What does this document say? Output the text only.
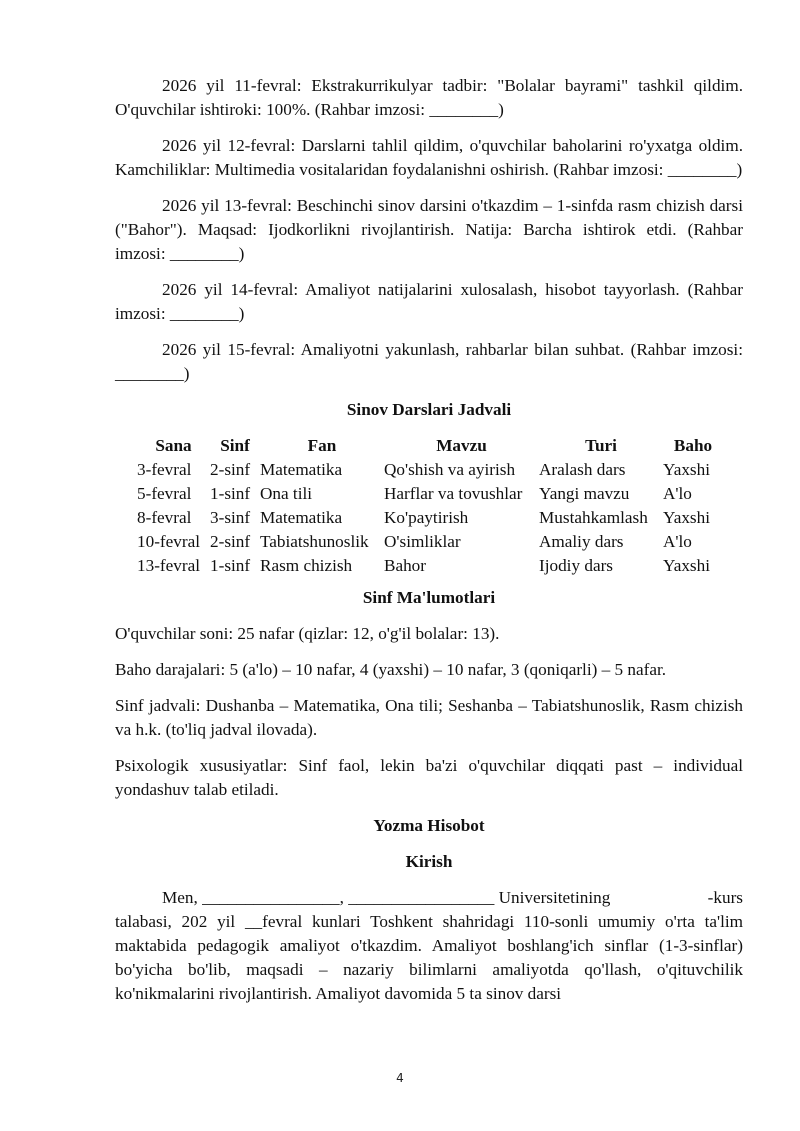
2026 yil 11-fevral: Ekstrakurrikulyar tadbir: "Bolalar bayrami" tashkil qildim. O'quvchilar ishtiroki: 100%. (Rahbar imzosi: ________)

2026 yil 12-fevral: Darslarni tahlil qildim, o'quvchilar baholarini ro'yxatga oldim. Kamchiliklar: Multimedia vositalaridan foydalanishni oshirish. (Rahbar imzosi: ________)

2026 yil 13-fevral: Beschinchi sinov darsini o'tkazdim – 1-sinfda rasm chizish darsi ("Bahor"). Maqsad: Ijodkorlikni rivojlantirish. Natija: Barcha ishtirok etdi. (Rahbar imzosi: ________)

2026 yil 14-fevral: Amaliyot natijalarini xulosalash, hisobot tayyorlash. (Rahbar imzosi: ________)

2026 yil 15-fevral: Amaliyotni yakunlash, rahbarlar bilan suhbat. (Rahbar imzosi: ________)

Sinov Darslari Jadvali

Sana	Sinf	Fan	Mavzu	Turi	Baho
3-fevral	2-sinf	Matematika	Qo'shish va ayirish	Aralash dars	Yaxshi
5-fevral	1-sinf	Ona tili	Harflar va tovushlar	Yangi mavzu	A'lo
8-fevral	3-sinf	Matematika	Ko'paytirish	Mustahkamlash	Yaxshi
10-fevral	2-sinf	Tabiatshunoslik	O'simliklar	Amaliy dars	A'lo
13-fevral	1-sinf	Rasm chizish	Bahor	Ijodiy dars	Yaxshi

Sinf Ma'lumotlari

O'quvchilar soni: 25 nafar (qizlar: 12, o'g'il bolalar: 13).

Baho darajalari: 5 (a'lo) – 10 nafar, 4 (yaxshi) – 10 nafar, 3 (qoniqarli) – 5 nafar.

Sinf jadvali: Dushanba – Matematika, Ona tili; Seshanba – Tabiatshunoslik, Rasm chizish va h.k. (to'liq jadval ilovada).

Psixologik xususiyatlar: Sinf faol, lekin ba'zi o'quvchilar diqqati past – individual yondashuv talab etiladi.

Yozma Hisobot

Kirish

Men, ________________, _________________ Universitetining	-kurs

talabasi, 202 yil __fevral kunlari Toshkent shahridagi 110-sonli umumiy o'rta ta'lim maktabida pedagogik amaliyot o'tkazdim. Amaliyot boshlang'ich sinflar (1-3-sinflar) bo'yicha bo'lib, maqsadi – nazariy bilimlarni amaliyotda qo'llash, o'qituvchilik ko'nikmalarini rivojlantirish. Amaliyot davomida 5 ta sinov darsi

4
